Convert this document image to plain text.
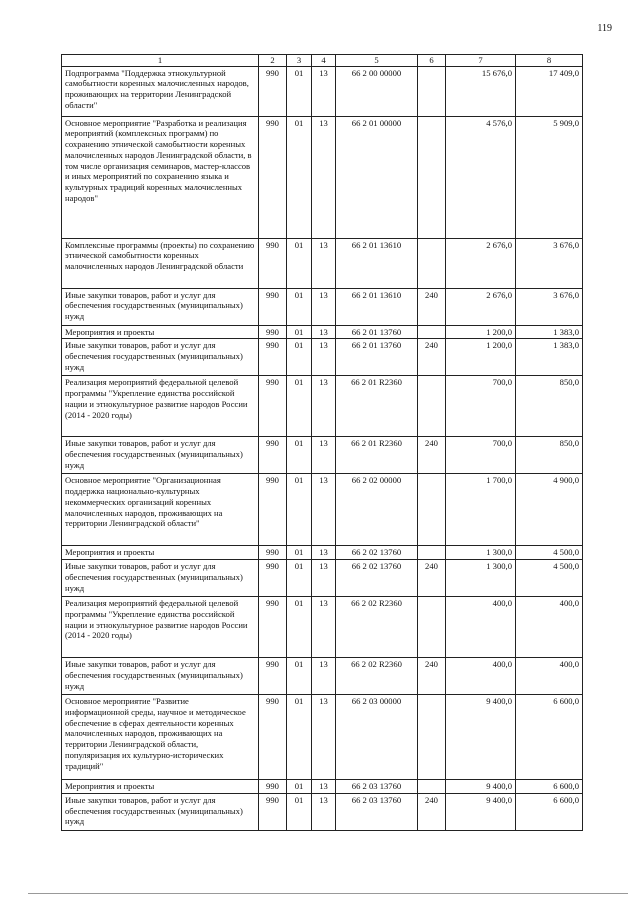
119
1	2	3	4	5	6	7	8
Подпрограмма "Поддержка этнокультурной самобытности коренных малочисленных народов, проживающих на территории Ленинградской области"	990	01	13	66 2 00 00000		15 676,0	17 409,0
Основное мероприятие "Разработка и реализация мероприятий (комплексных программ) по сохранению этнической самобытности коренных малочисленных народов Ленинградской области, в том числе организация семинаров, мастер-классов и иных мероприятий по сохранению языка и культурных традиций коренных малочисленных народов"	990	01	13	66 2 01 00000		4 576,0	5 909,0
Комплексные программы (проекты) по сохранению этнической самобытности коренных малочисленных народов Ленинградской области	990	01	13	66 2 01 13610		2 676,0	3 676,0
Иные закупки товаров, работ и услуг для обеспечения государственных (муниципальных) нужд	990	01	13	66 2 01 13610	240	2 676,0	3 676,0
Мероприятия и проекты	990	01	13	66 2 01 13760		1 200,0	1 383,0
Иные закупки товаров, работ и услуг для обеспечения государственных (муниципальных) нужд	990	01	13	66 2 01 13760	240	1 200,0	1 383,0
Реализация мероприятий федеральной целевой программы "Укрепление единства российской нации и этнокультурное развитие народов России (2014 - 2020 годы)	990	01	13	66 2 01 R2360		700,0	850,0
Иные закупки товаров, работ и услуг для обеспечения государственных (муниципальных) нужд	990	01	13	66 2 01 R2360	240	700,0	850,0
Основное мероприятие "Организационная поддержка национально-культурных некоммерческих организаций коренных малочисленных народов, проживающих на территории Ленинградской области"	990	01	13	66 2 02 00000		1 700,0	4 900,0
Мероприятия и проекты	990	01	13	66 2 02 13760		1 300,0	4 500,0
Иные закупки товаров, работ и услуг для обеспечения государственных (муниципальных) нужд	990	01	13	66 2 02 13760	240	1 300,0	4 500,0
Реализация мероприятий федеральной целевой программы "Укрепление единства российской нации и этнокультурное развитие народов России (2014 - 2020 годы)	990	01	13	66 2 02 R2360		400,0	400,0
Иные закупки товаров, работ и услуг для обеспечения государственных (муниципальных) нужд	990	01	13	66 2 02 R2360	240	400,0	400,0
Основное мероприятие "Развитие информационной среды, научное и методическое обеспечение в сферах деятельности коренных малочисленных народов, проживающих на территории Ленинградской области, популяризация их культурно-исторических традиций"	990	01	13	66 2 03 00000		9 400,0	6 600,0
Мероприятия и проекты	990	01	13	66 2 03 13760		9 400,0	6 600,0
Иные закупки товаров, работ и услуг для обеспечения государственных (муниципальных) нужд	990	01	13	66 2 03 13760	240	9 400,0	6 600,0
